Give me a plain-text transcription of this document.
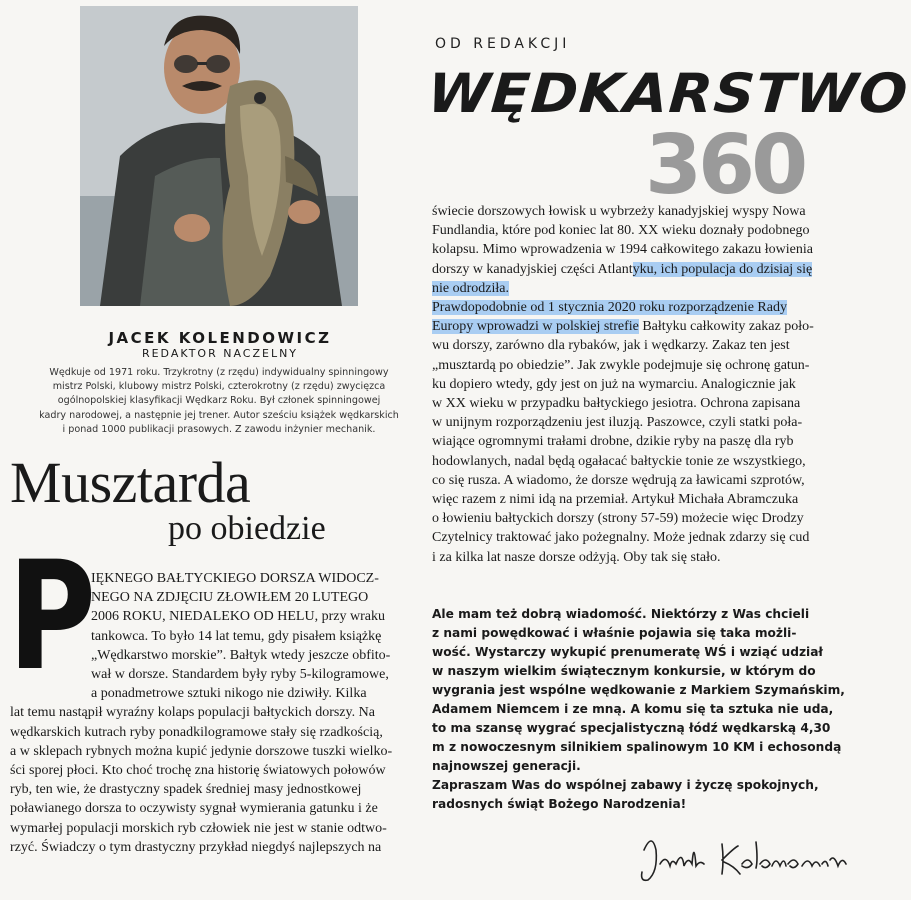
JACEK KOLENDOWICZ
REDAKTOR NACZELNY
Wędkuje od 1971 roku. Trzykrotny (z rzędu) indywidualny spinningowy
mistrz Polski, klubowy mistrz Polski, czterokrotny (z rzędu) zwycięzca
ogólnopolskiej klasyfikacji Wędkarz Roku. Był członek spinningowej
kadry narodowej, a następnie jej trener. Autor sześciu książek wędkarskich
i ponad 1000 publikacji prasowych. Z zawodu inżynier mechanik.
Musztarda
po obiedzie
P
IĘKNEGO BAŁTYCKIEGO DORSZA WIDOCZ-
NEGO NA ZDJĘCIU ZŁOWIŁEM 20 LUTEGO
2006 ROKU, NIEDALEKO OD HELU, przy wraku
tankowca. To było 14 lat temu, gdy pisałem książkę
„Wędkarstwo morskie”. Bałtyk wtedy jeszcze obfito-
wał w dorsze. Standardem były ryby 5-kilogramowe,
a ponadmetrowe sztuki nikogo nie dziwiły. Kilka
lat temu nastąpił wyraźny kolaps populacji bałtyckich dorszy. Na
wędkarskich kutrach ryby ponadkilogramowe stały się rzadkością,
a w sklepach rybnych można kupić jedynie dorszowe tuszki wielko-
ści sporej płoci. Kto choć trochę zna historię światowych połowów
ryb, ten wie, że drastyczny spadek średniej masy jednostkowej
poławianego dorsza to oczywisty sygnał wymierania gatunku i że
wymarłej populacji morskich ryb człowiek nie jest w stanie odtwo-
rzyć. Świadczy o tym drastyczny przykład niegdyś najlepszych na
OD REDAKCJI
WĘDKARSTWO
360
świecie dorszowych łowisk u wybrzeży kanadyjskiej wyspy Nowa
Fundlandia, które pod koniec lat 80. XX wieku doznały podobnego
kolapsu. Mimo wprowadzenia w 1994 całkowitego zakazu łowienia
dorszy w kanadyjskiej części Atlantyku, ich populacja do dzisiaj się
nie odrodziła.
Prawdopodobnie od 1 stycznia 2020 roku rozporządzenie Rady
Europy wprowadzi w polskiej strefie Bałtyku całkowity zakaz poło-
wu dorszy, zarówno dla rybaków, jak i wędkarzy. Zakaz ten jest
„musztardą po obiedzie”. Jak zwykle podejmuje się ochronę gatun-
ku dopiero wtedy, gdy jest on już na wymarciu. Analogicznie jak
w XX wieku w przypadku bałtyckiego jesiotra. Ochrona zapisana
w unijnym rozporządzeniu jest iluzją. Paszowce, czyli statki poła-
wiające ogromnymi trałami drobne, dzikie ryby na paszę dla ryb
hodowlanych, nadal będą ogałacać bałtyckie tonie ze wszystkiego,
co się rusza. A wiadomo, że dorsze wędrują za ławicami szprotów,
więc razem z nimi idą na przemiał. Artykuł Michała Abramczuka
o łowieniu bałtyckich dorszy (strony 57-59) możecie więc Drodzy
Czytelnicy traktować jako pożegnalny. Może jednak zdarzy się cud
i za kilka lat nasze dorsze odżyją. Oby tak się stało.
Ale mam też dobrą wiadomość. Niektórzy z Was chcieli
z nami powędkować i właśnie pojawia się taka możli-
wość. Wystarczy wykupić prenumeratę WŚ i wziąć udział
w naszym wielkim świątecznym konkursie, w którym do
wygrania jest wspólne wędkowanie z Markiem Szymańskim,
Adamem Niemcem i ze mną. A komu się ta sztuka nie uda,
to ma szansę wygrać specjalistyczną łódź wędkarską 4,30
m z nowoczesnym silnikiem spalinowym 10 KM i echosondą
najnowszej generacji.
Zapraszam Was do wspólnej zabawy i życzę spokojnych,
radosnych świąt Bożego Narodzenia!
